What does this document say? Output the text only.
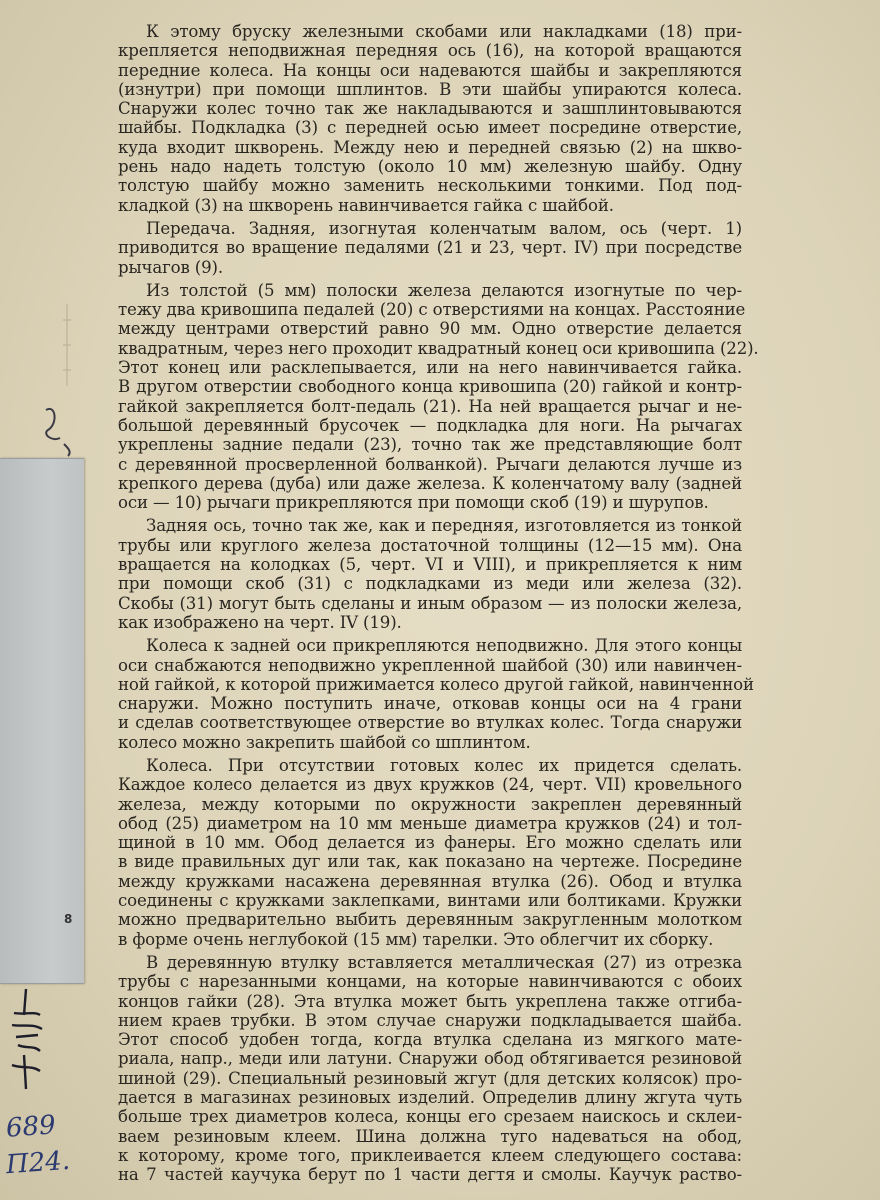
8
689
П24.

К этому бруску железными скобами или накладками (18) при-
крепляется неподвижная передняя ось (16), на которой вращаются
передние колеса. На концы оси надеваются шайбы и закрепляются
(изнутри) при помощи шплинтов. В эти шайбы упираются колеса.
Снаружи колес точно так же накладываются и зашплинтовываются
шайбы. Подкладка (3) с передней осью имеет посредине отверстие,
куда входит шкворень. Между нею и передней связью (2) на шкво-
рень надо надеть толстую (около 10 мм) железную шайбу. Одну
толстую шайбу можно заменить несколькими тонкими. Под под-
кладкой (3) на шкворень навинчивается гайка с шайбой.

Передача. Задняя, изогнутая коленчатым валом, ось (черт. 1)
приводится во вращение педалями (21 и 23, черт. IV) при посредстве
рычагов (9).

Из толстой (5 мм) полоски железа делаются изогнутые по чер-
тежу два кривошипа педалей (20) с отверстиями на концах. Расстояние
между центрами отверстий равно 90 мм. Одно отверстие делается
квадратным, через него проходит квадратный конец оси кривошипа (22).
Этот конец или расклепывается, или на него навинчивается гайка.
В другом отверстии свободного конца кривошипа (20) гайкой и контр-
гайкой закрепляется болт-педаль (21). На ней вращается рычаг и не-
большой деревянный брусочек — подкладка для ноги. На рычагах
укреплены задние педали (23), точно так же представляющие болт
с деревянной просверленной болванкой). Рычаги делаются лучше из
крепкого дерева (дуба) или даже железа. К коленчатому валу (задней
оси — 10) рычаги прикрепляются при помощи скоб (19) и шурупов.

Задняя ось, точно так же, как и передняя, изготовляется из тонкой
трубы или круглого железа достаточной толщины (12—15 мм). Она
вращается на колодках (5, черт. VI и VIII), и прикрепляется к ним
при помощи скоб (31) с подкладками из меди или железа (32).
Скобы (31) могут быть сделаны и иным образом — из полоски железа,
как изображено на черт. IV (19).

Колеса к задней оси прикрепляются неподвижно. Для этого концы
оси снабжаются неподвижно укрепленной шайбой (30) или навинчен-
ной гайкой, к которой прижимается колесо другой гайкой, навинченной
снаружи. Можно поступить иначе, отковав концы оси на 4 грани
и сделав соответствующее отверстие во втулках колес. Тогда снаружи
колесо можно закрепить шайбой со шплинтом.

Колеса. При отсутствии готовых колес их придется сделать.
Каждое колесо делается из двух кружков (24, черт. VII) кровельного
железа, между которыми по окружности закреплен деревянный
обод (25) диаметром на 10 мм меньше диаметра кружков (24) и тол-
щиной в 10 мм. Обод делается из фанеры. Его можно сделать или
в виде правильных дуг или так, как показано на чертеже. Посредине
между кружками насажена деревянная втулка (26). Обод и втулка
соединены с кружками заклепками, винтами или болтиками. Кружки
можно предварительно выбить деревянным закругленным молотком
в форме очень неглубокой (15 мм) тарелки. Это облегчит их сборку.

В деревянную втулку вставляется металлическая (27) из отрезка
трубы с нарезанными концами, на которые навинчиваются с обоих
концов гайки (28). Эта втулка может быть укреплена также отгиба-
нием краев трубки. В этом случае снаружи подкладывается шайба.
Этот способ удобен тогда, когда втулка сделана из мягкого мате-
риала, напр., меди или латуни. Снаружи обод обтягивается резиновой
шиной (29). Специальный резиновый жгут (для детских колясок) про-
дается в магазинах резиновых изделий. Определив длину жгута чуть
больше трех диаметров колеса, концы его срезаем наискось и склеи-
ваем резиновым клеем. Шина должна туго надеваться на обод,
к которому, кроме того, приклеивается клеем следующего состава:
на 7 частей каучука берут по 1 части дегтя и смолы. Каучук раство-
